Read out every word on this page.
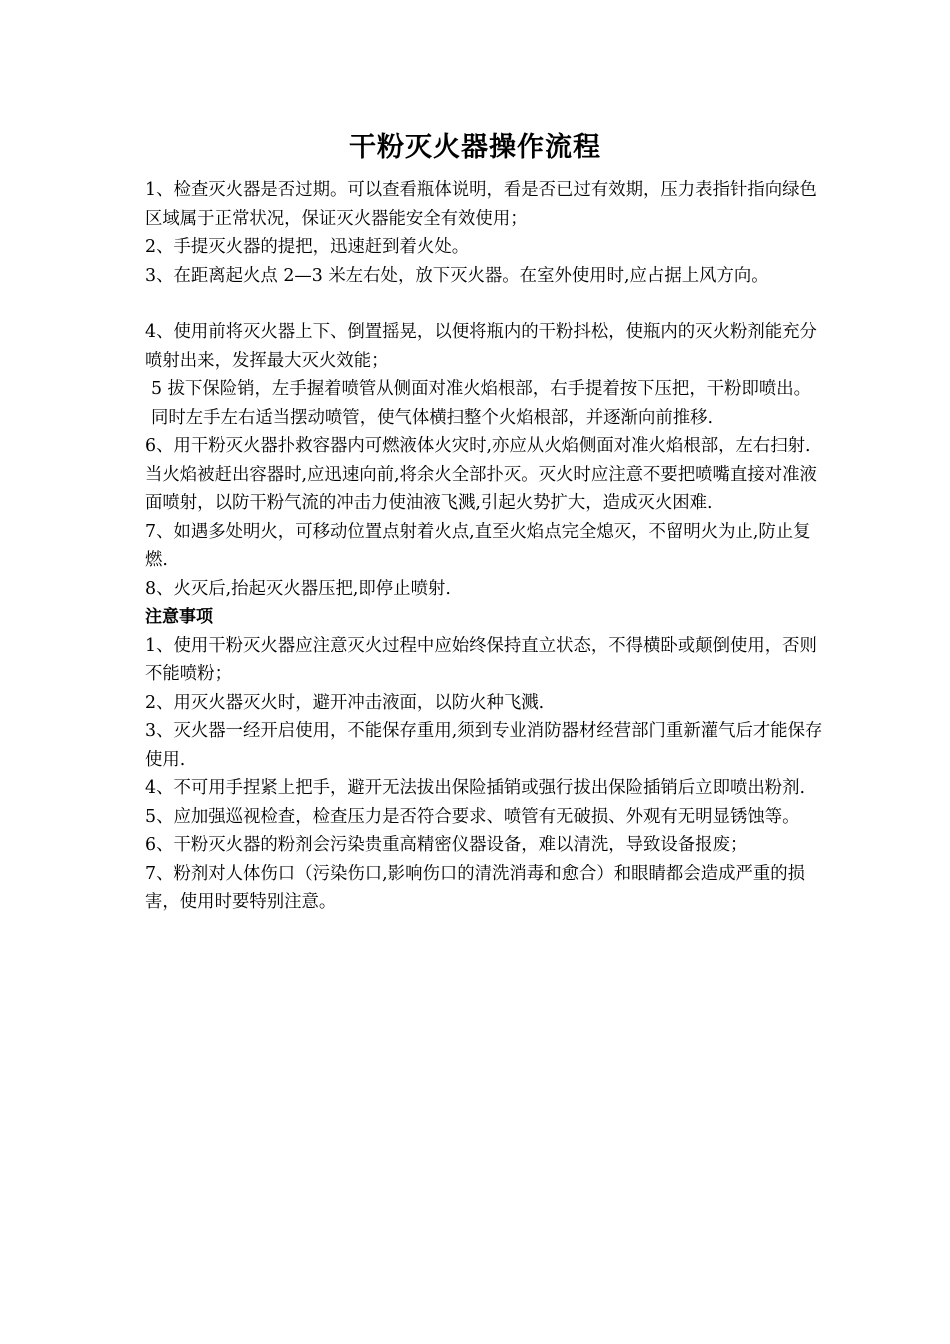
干粉灭火器操作流程

1、检查灭火器是否过期。可以查看瓶体说明，看是否已过有效期，压力表指针指向绿色区域属于正常状况，保证灭火器能安全有效使用；

2、手提灭火器的提把，迅速赶到着火处。

3、在距离起火点 2—3 米左右处，放下灭火器。在室外使用时,应占据上风方向。

4、使用前将灭火器上下、倒置摇晃，以便将瓶内的干粉抖松，使瓶内的灭火粉剂能充分喷射出来，发挥最大灭火效能；

5 拔下保险销，左手握着喷管从侧面对准火焰根部，右手提着按下压把，干粉即喷出。同时左手左右适当摆动喷管，使气体横扫整个火焰根部，并逐渐向前推移.

6、用干粉灭火器扑救容器内可燃液体火灾时,亦应从火焰侧面对准火焰根部，左右扫射.当火焰被赶出容器时,应迅速向前,将余火全部扑灭。灭火时应注意不要把喷嘴直接对准液面喷射，以防干粉气流的冲击力使油液飞溅,引起火势扩大，造成灭火困难.

7、如遇多处明火，可移动位置点射着火点,直至火焰点完全熄灭，不留明火为止,防止复燃.

8、火灭后,抬起灭火器压把,即停止喷射.

注意事项

1、使用干粉灭火器应注意灭火过程中应始终保持直立状态，不得横卧或颠倒使用，否则不能喷粉；

2、用灭火器灭火时，避开冲击液面，以防火种飞溅.

3、灭火器一经开启使用，不能保存重用,须到专业消防器材经营部门重新灌气后才能保存使用.

4、不可用手捏紧上把手，避开无法拔出保险插销或强行拔出保险插销后立即喷出粉剂.

5、应加强巡视检查，检查压力是否符合要求、喷管有无破损、外观有无明显锈蚀等。

6、干粉灭火器的粉剂会污染贵重高精密仪器设备，难以清洗，导致设备报废；

7、粉剂对人体伤口（污染伤口,影响伤口的清洗消毒和愈合）和眼睛都会造成严重的损害，使用时要特别注意。
